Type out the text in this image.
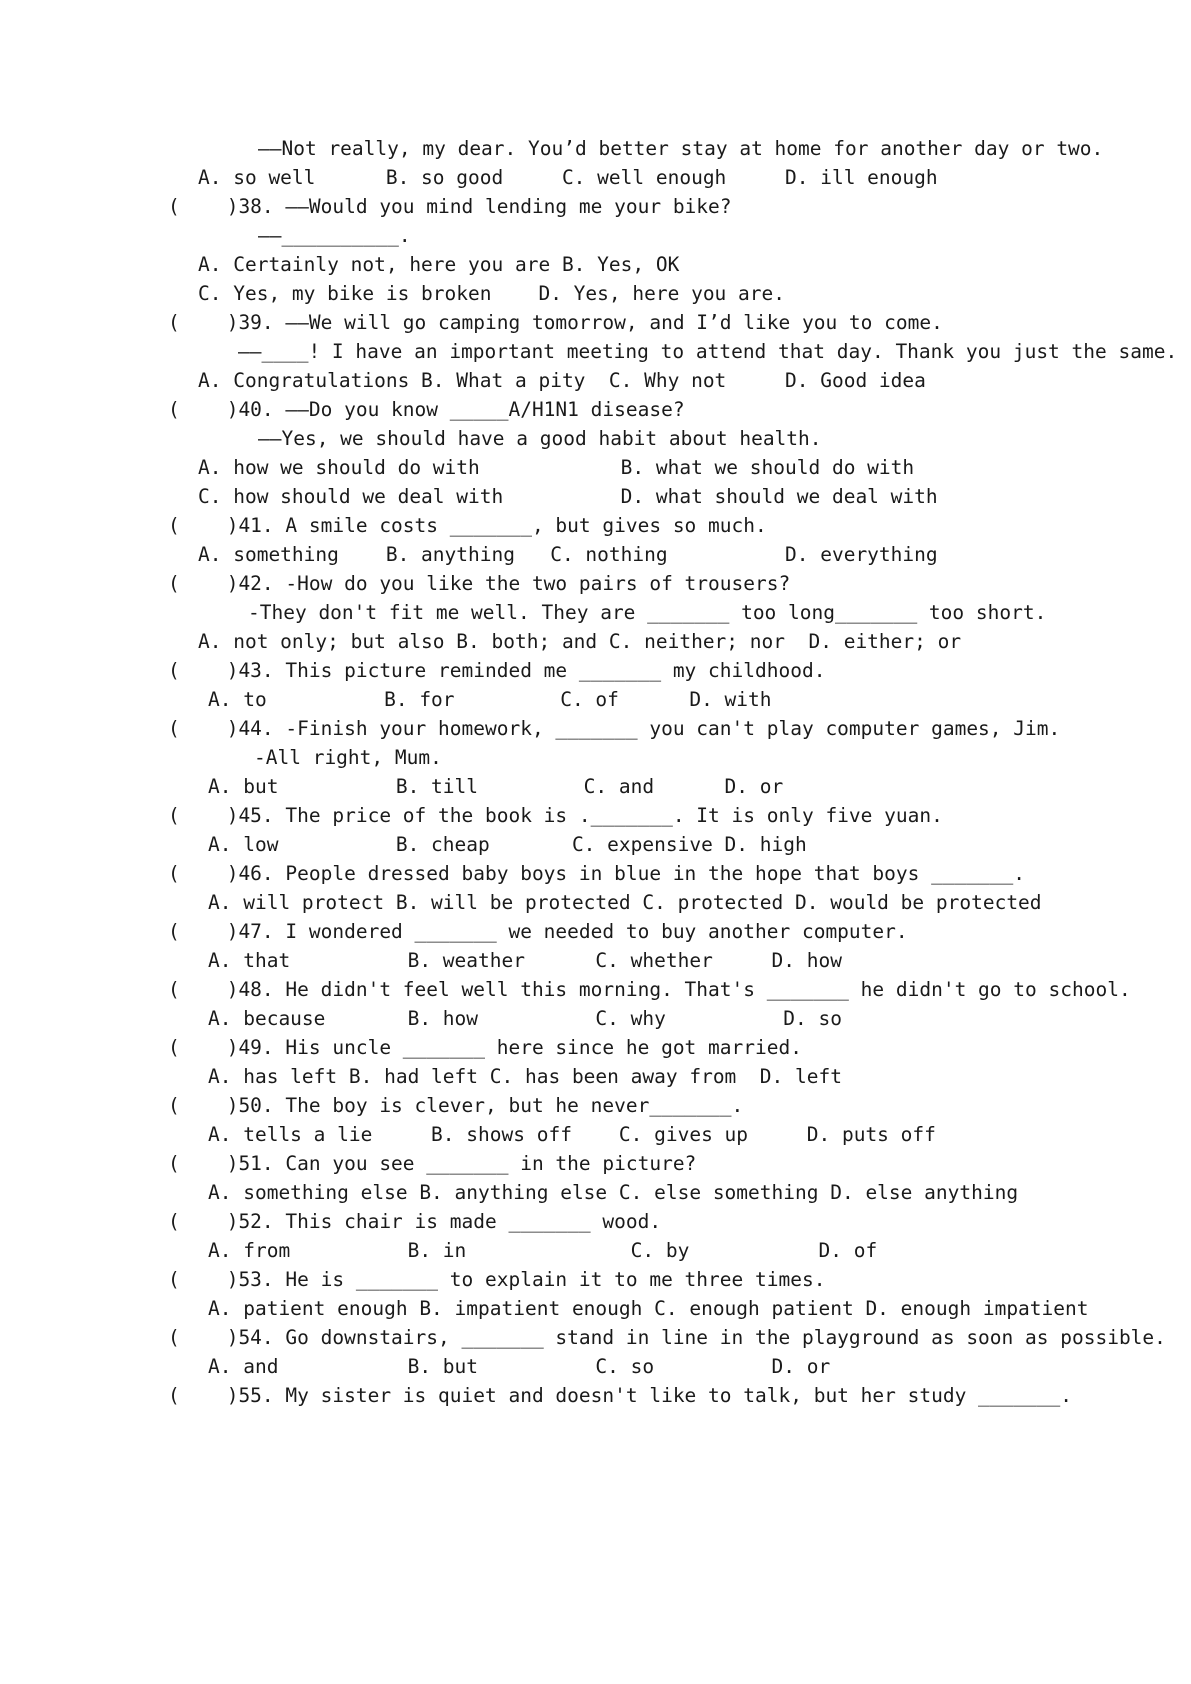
——Not really, my dear. You’d better stay at home for another day or two.
A. so well      B. so good     C. well enough     D. ill enough
(    )38. ——Would you mind lending me your bike?
——__________.
A. Certainly not, here you are B. Yes, OK
C. Yes, my bike is broken    D. Yes, here you are.
(    )39. ——We will go camping tomorrow, and I’d like you to come.
——____! I have an important meeting to attend that day. Thank you just the same.
A. Congratulations B. What a pity  C. Why not     D. Good idea
(    )40. ——Do you know _____A/H1N1 disease?
——Yes, we should have a good habit about health.
A. how we should do with            B. what we should do with
C. how should we deal with          D. what should we deal with
(    )41. A smile costs _______, but gives so much.
A. something    B. anything   C. nothing          D. everything
(    )42. -How do you like the two pairs of trousers?
-They don't fit me well. They are _______ too long_______ too short.
A. not only; but also B. both; and C. neither; nor  D. either; or
(    )43. This picture reminded me _______ my childhood.
A. to          B. for         C. of      D. with
(    )44. -Finish your homework, _______ you can't play computer games, Jim.
-All right, Mum.
A. but          B. till         C. and      D. or
(    )45. The price of the book is ._______. It is only five yuan.
A. low          B. cheap       C. expensive D. high
(    )46. People dressed baby boys in blue in the hope that boys _______.
A. will protect B. will be protected C. protected D. would be protected
(    )47. I wondered _______ we needed to buy another computer.
A. that          B. weather      C. whether     D. how
(    )48. He didn't feel well this morning. That's _______ he didn't go to school.
A. because       B. how          C. why          D. so
(    )49. His uncle _______ here since he got married.
A. has left B. had left C. has been away from  D. left
(    )50. The boy is clever, but he never_______.
A. tells a lie     B. shows off    C. gives up     D. puts off
(    )51. Can you see _______ in the picture?
A. something else B. anything else C. else something D. else anything
(    )52. This chair is made _______ wood.
A. from          B. in              C. by           D. of
(    )53. He is _______ to explain it to me three times.
A. patient enough B. impatient enough C. enough patient D. enough impatient
(    )54. Go downstairs, _______ stand in line in the playground as soon as possible.
A. and           B. but          C. so          D. or
(    )55. My sister is quiet and doesn't like to talk, but her study _______.
